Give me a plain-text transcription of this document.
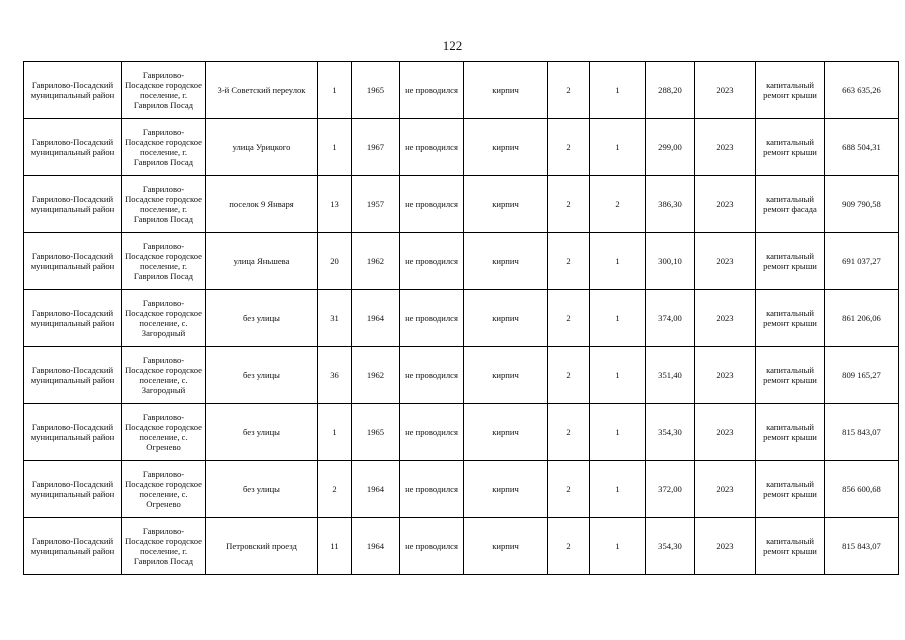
122
Гаврилово-Посадский муниципальный район	Гаврилово-Посадское городское поселение, г. Гаврилов Посад	3-й Советский переулок	1	1965	не проводился	кирпич	2	1	288,20	2023	капитальный ремонт крыши	663 635,26
Гаврилово-Посадский муниципальный район	Гаврилово-Посадское городское поселение, г. Гаврилов Посад	улица Урицкого	1	1967	не проводился	кирпич	2	1	299,00	2023	капитальный ремонт крыши	688 504,31
Гаврилово-Посадский муниципальный район	Гаврилово-Посадское городское поселение, г. Гаврилов Посад	поселок 9 Января	13	1957	не проводился	кирпич	2	2	386,30	2023	капитальный ремонт фасада	909 790,58
Гаврилово-Посадский муниципальный район	Гаврилово-Посадское городское поселение, г. Гаврилов Посад	улица Яньшева	20	1962	не проводился	кирпич	2	1	300,10	2023	капитальный ремонт крыши	691 037,27
Гаврилово-Посадский муниципальный район	Гаврилово-Посадское городское поселение, с. Загородный	без улицы	31	1964	не проводился	кирпич	2	1	374,00	2023	капитальный ремонт крыши	861 206,06
Гаврилово-Посадский муниципальный район	Гаврилово-Посадское городское поселение, с. Загородный	без улицы	36	1962	не проводился	кирпич	2	1	351,40	2023	капитальный ремонт крыши	809 165,27
Гаврилово-Посадский муниципальный район	Гаврилово-Посадское городское поселение, с. Огренево	без улицы	1	1965	не проводился	кирпич	2	1	354,30	2023	капитальный ремонт крыши	815 843,07
Гаврилово-Посадский муниципальный район	Гаврилово-Посадское городское поселение, с. Огренево	без улицы	2	1964	не проводился	кирпич	2	1	372,00	2023	капитальный ремонт крыши	856 600,68
Гаврилово-Посадский муниципальный район	Гаврилово-Посадское городское поселение, г. Гаврилов Посад	Петровский проезд	11	1964	не проводился	кирпич	2	1	354,30	2023	капитальный ремонт крыши	815 843,07
